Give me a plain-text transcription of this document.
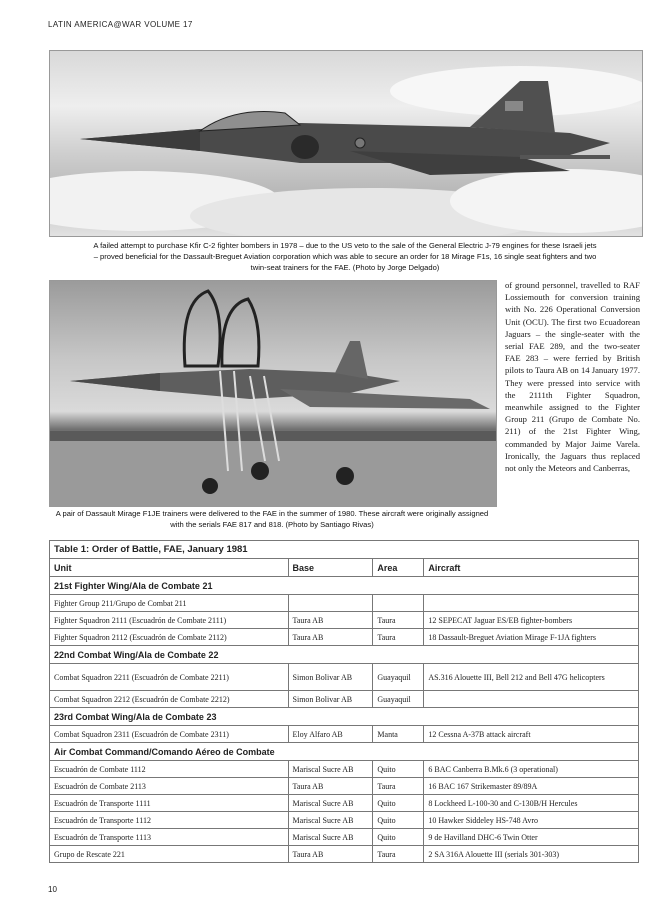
LATIN AMERICA@WAR VOLUME 17
A failed attempt to purchase Kfir C-2 fighter bombers in 1978 – due to the US veto to the sale of the General Electric J-79 engines for these Israeli jets – proved beneficial for the Dassault-Breguet Aviation corporation which was able to secure an order for 18 Mirage F1s, 16 single seat fighters and two twin-seat trainers for the FAE. (Photo by Jorge Delgado)
A pair of Dassault Mirage F1JE trainers were delivered to the FAE in the summer of 1980. These aircraft were originally assigned with the serials FAE 817 and 818. (Photo by Santiago Rivas)
of ground personnel, travelled to RAF Lossiemouth for conversion training with No. 226 Operational Conversion Unit (OCU). The first two Ecuadorean Jaguars – the single-seater with the serial FAE 289, and the two-seater FAE 283 – were ferried by British pilots to Taura AB on 14 January 1977. They were pressed into service with the 2111th Fighter Squadron, meanwhile assigned to the Fighter Group 211 (Grupo de Combate No. 211) of the 21st Fighter Wing, commanded by Major Jaime Varela. Ironically, the Jaguars thus replaced not only the Meteors and Canberras,
Table 1: Order of Battle, FAE, January 1981			
Unit	Base	Area	Aircraft
21st Fighter Wing/Ala de Combate 21			
Fighter Group 211/Grupo de Combat 211			
Fighter Squadron 2111 (Escuadrón de Combate 2111)	Taura AB	Taura	12 SEPECAT Jaguar ES/EB fighter-bombers
Fighter Squadron 2112 (Escuadrón de Combate 2112)	Taura AB	Taura	18 Dassault-Breguet Aviation Mirage F-1JA fighters
22nd Combat Wing/Ala de Combate 22			
Combat Squadron 2211 (Escuadrón de Combate 2211)	Simon Bolivar AB	Guayaquil	AS.316 Alouette III, Bell 212 and Bell 47G helicopters
Combat Squadron 2212 (Escuadrón de Combate 2212)	Simon Bolivar AB	Guayaquil	
23rd Combat Wing/Ala de Combate 23			
Combat Squadron 2311 (Escuadrón de Combate 2311)	Eloy Alfaro AB	Manta	12 Cessna A-37B attack aircraft
Air Combat Command/Comando Aéreo de Combate			
Escuadrón de Combate 1112	Mariscal Sucre AB	Quito	6 BAC Canberra B.Mk.6 (3 operational)
Escuadrón de Combate 2113	Taura AB	Taura	16 BAC 167 Strikemaster 89/89A
Escuadrón de Transporte 1111	Mariscal Sucre AB	Quito	8 Lockheed L-100-30 and C-130B/H Hercules
Escuadrón de Transporte 1112	Mariscal Sucre AB	Quito	10 Hawker Siddeley HS-748 Avro
Escuadrón de Transporte 1113	Mariscal Sucre AB	Quito	9 de Havilland DHC-6 Twin Otter
Grupo de Rescate 221	Taura AB	Taura	2 SA 316A Alouette III (serials 301-303)
10
